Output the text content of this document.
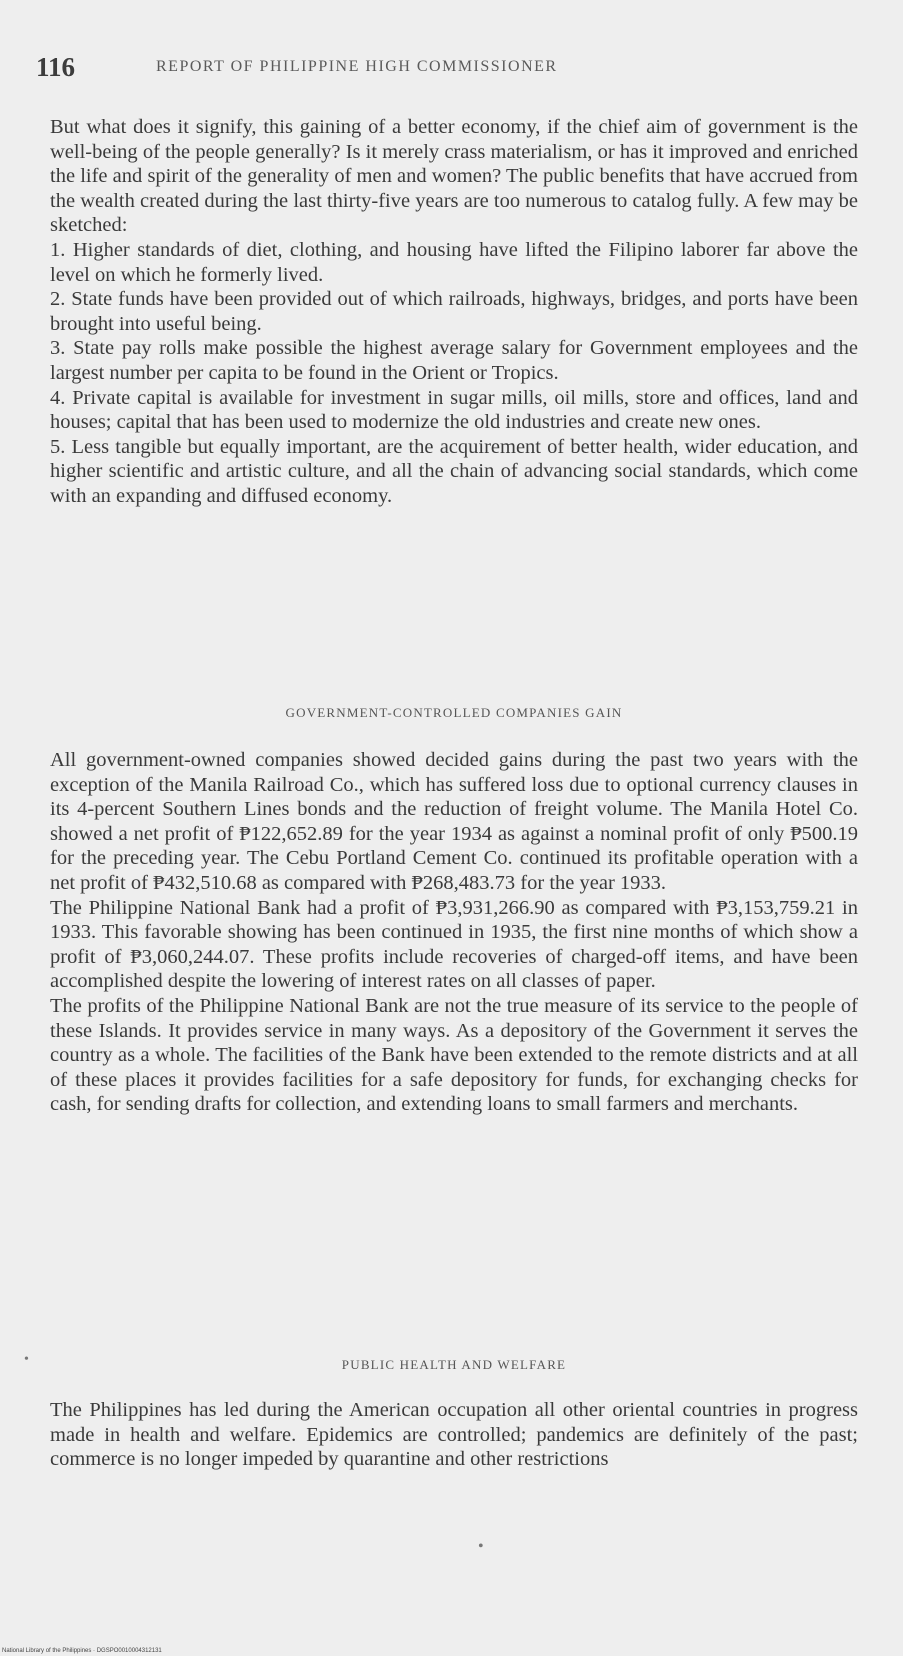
116	REPORT OF PHILIPPINE HIGH COMMISSIONER

But what does it signify, this gaining of a better economy, if the chief aim of government is the well-being of the people generally? Is it merely crass materialism, or has it improved and enriched the life and spirit of the generality of men and women? The public benefits that have accrued from the wealth created during the last thirty-five years are too numerous to catalog fully. A few may be sketched:

1. Higher standards of diet, clothing, and housing have lifted the Filipino laborer far above the level on which he formerly lived.

2. State funds have been provided out of which railroads, highways, bridges, and ports have been brought into useful being.

3. State pay rolls make possible the highest average salary for Government employees and the largest number per capita to be found in the Orient or Tropics.

4. Private capital is available for investment in sugar mills, oil mills, store and offices, land and houses; capital that has been used to modernize the old industries and create new ones.

5. Less tangible but equally important, are the acquirement of better health, wider education, and higher scientific and artistic culture, and all the chain of advancing social standards, which come with an expanding and diffused economy.

GOVERNMENT-CONTROLLED COMPANIES GAIN

All government-owned companies showed decided gains during the past two years with the exception of the Manila Railroad Co., which has suffered loss due to optional currency clauses in its 4-percent Southern Lines bonds and the reduction of freight volume. The Manila Hotel Co. showed a net profit of ₱122,652.89 for the year 1934 as against a nominal profit of only ₱500.19 for the preceding year. The Cebu Portland Cement Co. continued its profitable operation with a net profit of ₱432,510.68 as compared with ₱268,483.73 for the year 1933.

The Philippine National Bank had a profit of ₱3,931,266.90 as compared with ₱3,153,759.21 in 1933. This favorable showing has been continued in 1935, the first nine months of which show a profit of ₱3,060,244.07. These profits include recoveries of charged-off items, and have been accomplished despite the lowering of interest rates on all classes of paper.

The profits of the Philippine National Bank are not the true measure of its service to the people of these Islands. It provides service in many ways. As a depository of the Government it serves the country as a whole. The facilities of the Bank have been extended to the remote districts and at all of these places it provides facilities for a safe depository for funds, for exchanging checks for cash, for sending drafts for collection, and extending loans to small farmers and merchants.

•	PUBLIC HEALTH AND WELFARE

The Philippines has led during the American occupation all other oriental countries in progress made in health and welfare. Epidemics are controlled; pandemics are definitely of the past; commerce is no longer impeded by quarantine and other restrictions

•
National Library of the Philippines · DGSPO0010004312131
